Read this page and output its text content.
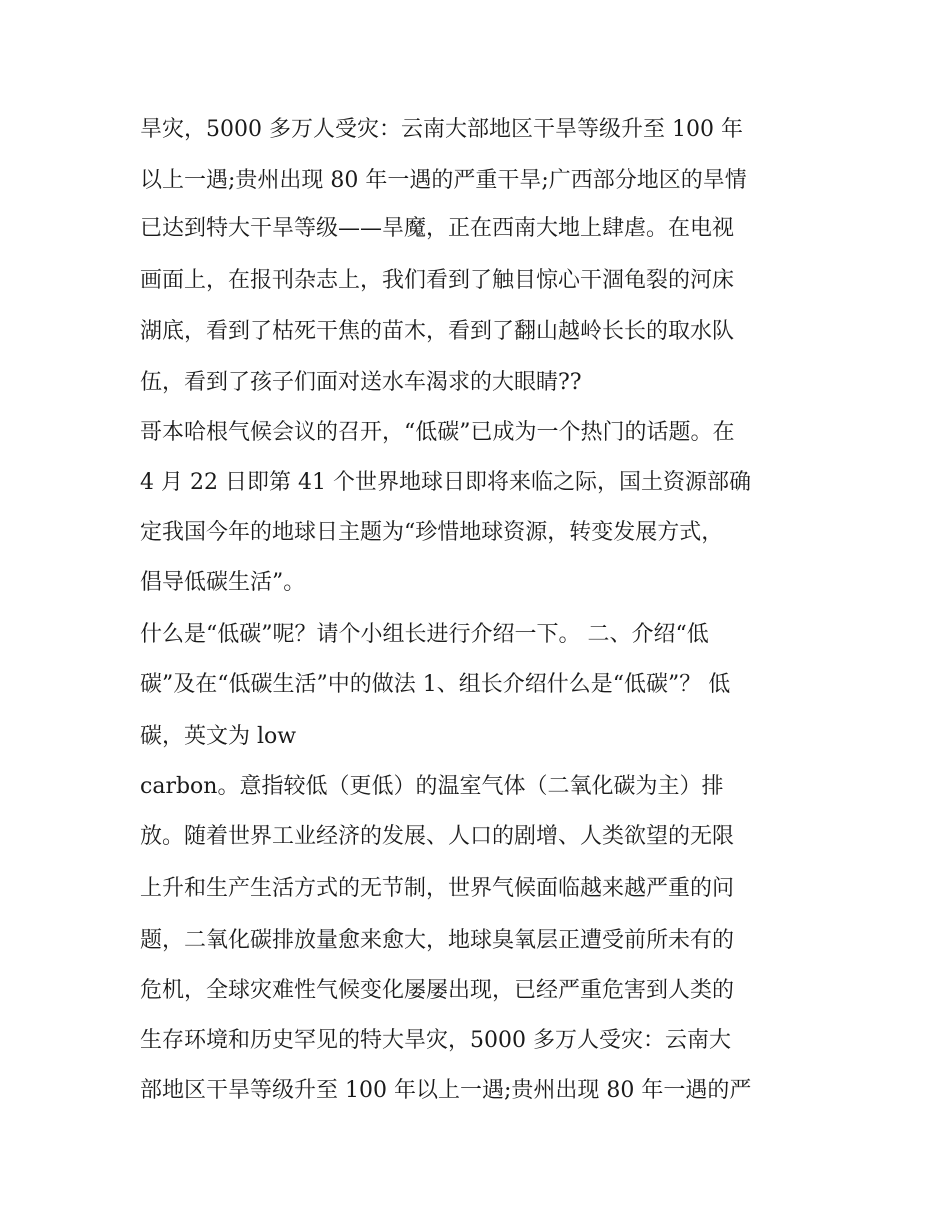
旱灾，5000 多万人受灾：云南大部地区干旱等级升至 100 年

以上一遇;贵州出现 80 年一遇的严重干旱;广西部分地区的旱情

已达到特大干旱等级——旱魔，正在西南大地上肆虐。在电视

画面上，在报刊杂志上，我们看到了触目惊心干涸龟裂的河床

湖底，看到了枯死干焦的苗木，看到了翻山越岭长长的取水队

伍，看到了孩子们面对送水车渴求的大眼睛??

哥本哈根气候会议的召开，“低碳”已成为一个热门的话题。在

4 月 22 日即第 41 个世界地球日即将来临之际，国土资源部确

定我国今年的地球日主题为“珍惜地球资源，转变发展方式，

倡导低碳生活”。

什么是“低碳”呢？请个小组长进行介绍一下。 二、介绍“低

碳”及在“低碳生活”中的做法 1、组长介绍什么是“低碳”？ 低

碳，英文为 low

carbon。意指较低（更低）的温室气体（二氧化碳为主）排

放。随着世界工业经济的发展、人口的剧增、人类欲望的无限

上升和生产生活方式的无节制，世界气候面临越来越严重的问

题，二氧化碳排放量愈来愈大，地球臭氧层正遭受前所未有的

危机，全球灾难性气候变化屡屡出现，已经严重危害到人类的

生存环境和历史罕见的特大旱灾，5000 多万人受灾：云南大

部地区干旱等级升至 100 年以上一遇;贵州出现 80 年一遇的严
